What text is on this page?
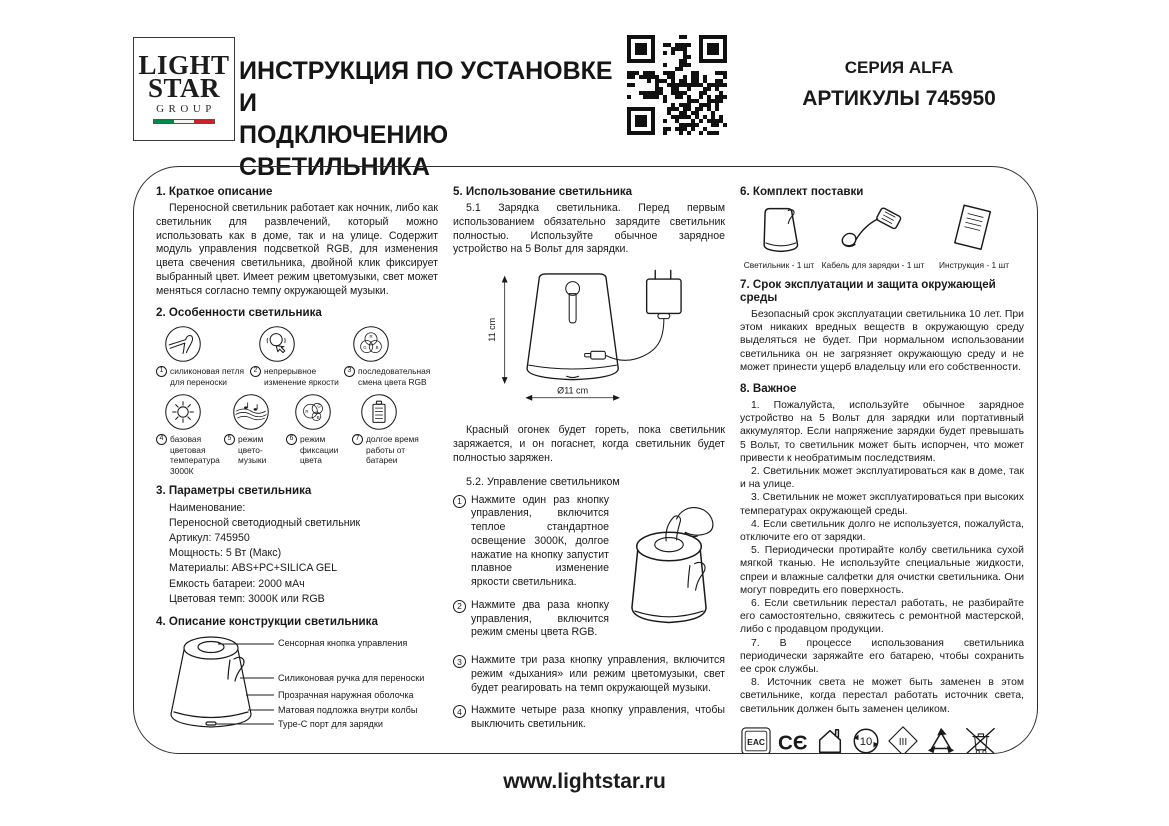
LIGHT
STAR
GROUP
ИНСТРУКЦИЯ ПО УСТАНОВКЕ И
ПОДКЛЮЧЕНИЮ СВЕТИЛЬНИКА
СЕРИЯ ALFA
АРТИКУЛЫ 745950
1. Краткое описание
Переносной светильник работает как ночник, либо как светильник для развлечений, который можно использовать как в доме, так и на улице. Содержит модуль управления подсветкой RGB, для изменения цвета свечения светильника, двойной клик фиксирует выбранный цвет. Имеет режим цветомузыки, свет может меняться согласно темпу окружающей музыки.
2. Особенности светильника
1 силиконовая петля для переноски
2 непрерывное изменение яркости
R
G B
3 последовательная смена цвета RGB
4 базовая цветовая температура 3000К
5 режим цвето-музыки
R
G
B
6 режим фиксации цвета
7 долгое время работы от батареи
3. Параметры светильника
Наименование:
Переносной светодиодный светильник
Артикул: 745950
Мощность: 5 Вт (Макс)
Материалы: ABS+PC+SILICA GEL
Емкость батареи: 2000 мАч
Цветовая темп: 3000К или RGB
4. Описание конструкции светильника
Сенсорная кнопка управления
Силиконовая ручка для переноски
Прозрачная наружная оболочка
Матовая подложка внутри колбы
Type-C порт для зарядки
5. Использование светильника
5.1 Зарядка светильника. Перед первым использованием обязательно зарядите светильник полностью. Используйте обычное зарядное устройство на 5 Вольт для зарядки.
11 cm
Ø11 cm
Красный огонек будет гореть, пока светильник заряжается, и он погаснет, когда светильник будет полностью заряжен.
5.2. Управление светильником
1 Нажмите один раз кнопку управления, включится теплое стандартное освещение 3000К, долгое нажатие на кнопку запустит плавное изменение яркости светильника.
2 Нажмите два раза кнопку управления, включится режим смены цвета RGB.
3 Нажмите три раза кнопку управления, включится режим «дыхания» или режим цветомузыки, свет будет реагировать на темп окружающей музыки.
4 Нажмите четыре раза кнопку управления, чтобы выключить светильник.
6. Комплект поставки
Светильник - 1 шт Кабель для зарядки - 1 шт Инструкция - 1 шт
7. Срок эксплуатации и защита окружающей среды
Безопасный срок эксплуатации светильника 10 лет. При этом никаких вредных веществ в окружающую среду выделяться не будет. При нормальном использовании светильника он не загрязняет окружающую среду и не может принести ущерб владельцу или его собственности.
8. Важное
1. Пожалуйста, используйте обычное зарядное устройство на 5 Вольт для зарядки или портативный аккумулятор. Если напряжение зарядки будет превышать 5 Вольт, то светильник может быть испорчен, что может привести к необратимым последствиям.
2. Светильник может эксплуатироваться как в доме, так и на улице.
3. Светильник не может эксплуатироваться при высоких температурах окружающей среды.
4. Если светильник долго не используется, пожалуйста, отключите его от зарядки.
5. Периодически протирайте колбу светильника сухой мягкой тканью. Не используйте специальные жидкости, спреи и влажные салфетки для очистки светильника. Они могут повредить его поверхность.
6. Если светильник перестал работать, не разбирайте его самостоятельно, свяжитесь с ремонтной мастерской, либо с продавцом продукции.
7. В процессе использования светильника периодически заряжайте его батарею, чтобы сохранить ее срок службы.
8. Источник света не может быть заменен в этом светильнике, когда перестал работать источник света, светильник должен быть заменен целиком.
ЕАС CЄ	10 III
www.lightstar.ru
